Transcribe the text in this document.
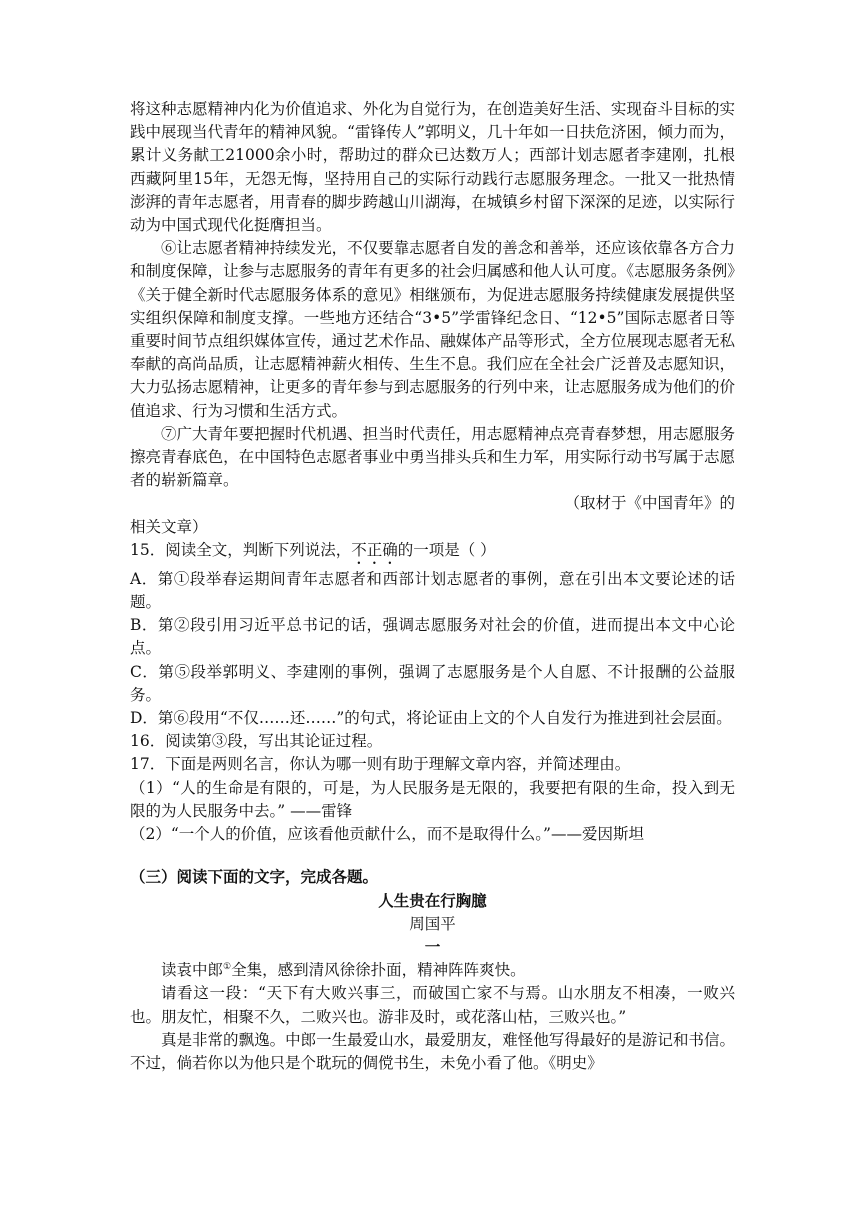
将这种志愿精神内化为价值追求、外化为自觉行为，在创造美好生活、实现奋斗目标的实践中展现当代青年的精神风貌。“雷锋传人”郭明义，几十年如一日扶危济困，倾力而为，累计义务献工21000余小时，帮助过的群众已达数万人；西部计划志愿者李建刚，扎根西藏阿里15年，无怨无悔，坚持用自己的实际行动践行志愿服务理念。一批又一批热情澎湃的青年志愿者，用青春的脚步跨越山川湖海，在城镇乡村留下深深的足迹，以实际行动为中国式现代化挺膺担当。

⑥让志愿者精神持续发光，不仅要靠志愿者自发的善念和善举，还应该依靠各方合力和制度保障，让参与志愿服务的青年有更多的社会归属感和他人认可度。《志愿服务条例》《关于健全新时代志愿服务体系的意见》相继颁布，为促进志愿服务持续健康发展提供坚实组织保障和制度支撑。一些地方还结合“3•5”学雷锋纪念日、“12•5”国际志愿者日等重要时间节点组织媒体宣传，通过艺术作品、融媒体产品等形式，全方位展现志愿者无私奉献的高尚品质，让志愿精神薪火相传、生生不息。我们应在全社会广泛普及志愿知识，大力弘扬志愿精神，让更多的青年参与到志愿服务的行列中来，让志愿服务成为他们的价值追求、行为习惯和生活方式。

⑦广大青年要把握时代机遇、担当时代责任，用志愿精神点亮青春梦想，用志愿服务擦亮青春底色，在中国特色志愿者事业中勇当排头兵和生力军，用实际行动书写属于志愿者的崭新篇章。

（取材于《中国青年》的

相关文章）

15．阅读全文，判断下列说法，不正确的一项是（ ）

A．第①段举春运期间青年志愿者和西部计划志愿者的事例，意在引出本文要论述的话题。

B．第②段引用习近平总书记的话，强调志愿服务对社会的价值，进而提出本文中心论点。

C．第⑤段举郭明义、李建刚的事例，强调了志愿服务是个人自愿、不计报酬的公益服务。

D．第⑥段用“不仅……还……”的句式，将论证由上文的个人自发行为推进到社会层面。

16．阅读第③段，写出其论证过程。

17．下面是两则名言，你认为哪一则有助于理解文章内容，并简述理由。

（1）“人的生命是有限的，可是，为人民服务是无限的，我要把有限的生命，投入到无限的为人民服务中去。” ——雷锋

（2）“一个人的价值，应该看他贡献什么，而不是取得什么。”——爱因斯坦

（三）阅读下面的文字，完成各题。

人生贵在行胸臆

周国平

一

读袁中郎①全集，感到清风徐徐扑面，精神阵阵爽快。

请看这一段：“天下有大败兴事三，而破国亡家不与焉。山水朋友不相凑，一败兴也。朋友忙，相聚不久，二败兴也。游非及时，或花落山枯，三败兴也。”

真是非常的飘逸。中郎一生最爱山水，最爱朋友，难怪他写得最好的是游记和书信。不过，倘若你以为他只是个耽玩的倜傥书生，未免小看了他。《明史》
